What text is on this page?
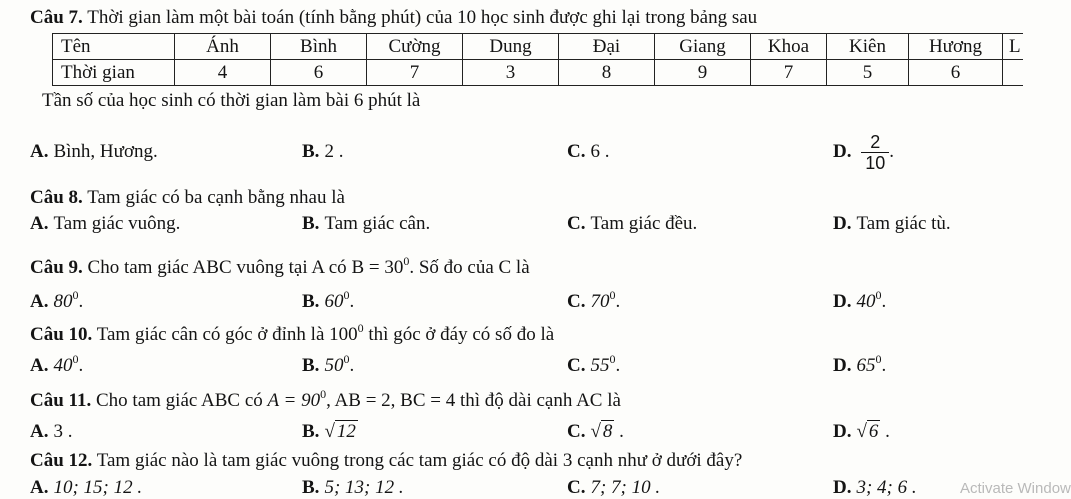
Câu 7. Thời gian làm một bài toán (tính bằng phút) của 10 học sinh được ghi lại trong bảng sau
Tên	Ánh	Bình	Cường	Dung	Đại	Giang	Khoa	Kiên	Hương	L
Thời gian	4	6	7	3	8	9	7	5	6	
Tần số của học sinh có thời gian làm bài 6 phút là
A. Bình, Hương.	B. 2 .	C. 6 .	D. $\frac{2}{10}$ .
Câu 8. Tam giác có ba cạnh bằng nhau là
A. Tam giác vuông.	B. Tam giác cân.	C. Tam giác đều.	D. Tam giác tù.
Câu 9. Cho tam giác ABC vuông tại A có $B = 30^0$. Số đo của C là
A. $80^0$.	B. $60^0$.	C. $70^0$.	D. $40^0$.
Câu 10. Tam giác cân có góc ở đỉnh là $100^0$ thì góc ở đáy có số đo là
A. $40^0$.	B. $50^0$.	C. $55^0$.	D. $65^0$.
Câu 11. Cho tam giác ABC có $A = 90^0$, AB = 2, BC = 4 thì độ dài cạnh AC là
A. 3 .	B. √ 12	C. √ 8 .	D. √ 6 .
Câu 12. Tam giác nào là tam giác vuông trong các tam giác có độ dài 3 cạnh như ở dưới đây?
A. 10; 15; 12 .	B. 5; 13; 12 .	C. 7; 7; 10 .	D. 3; 4; 6 .	Activate Window
